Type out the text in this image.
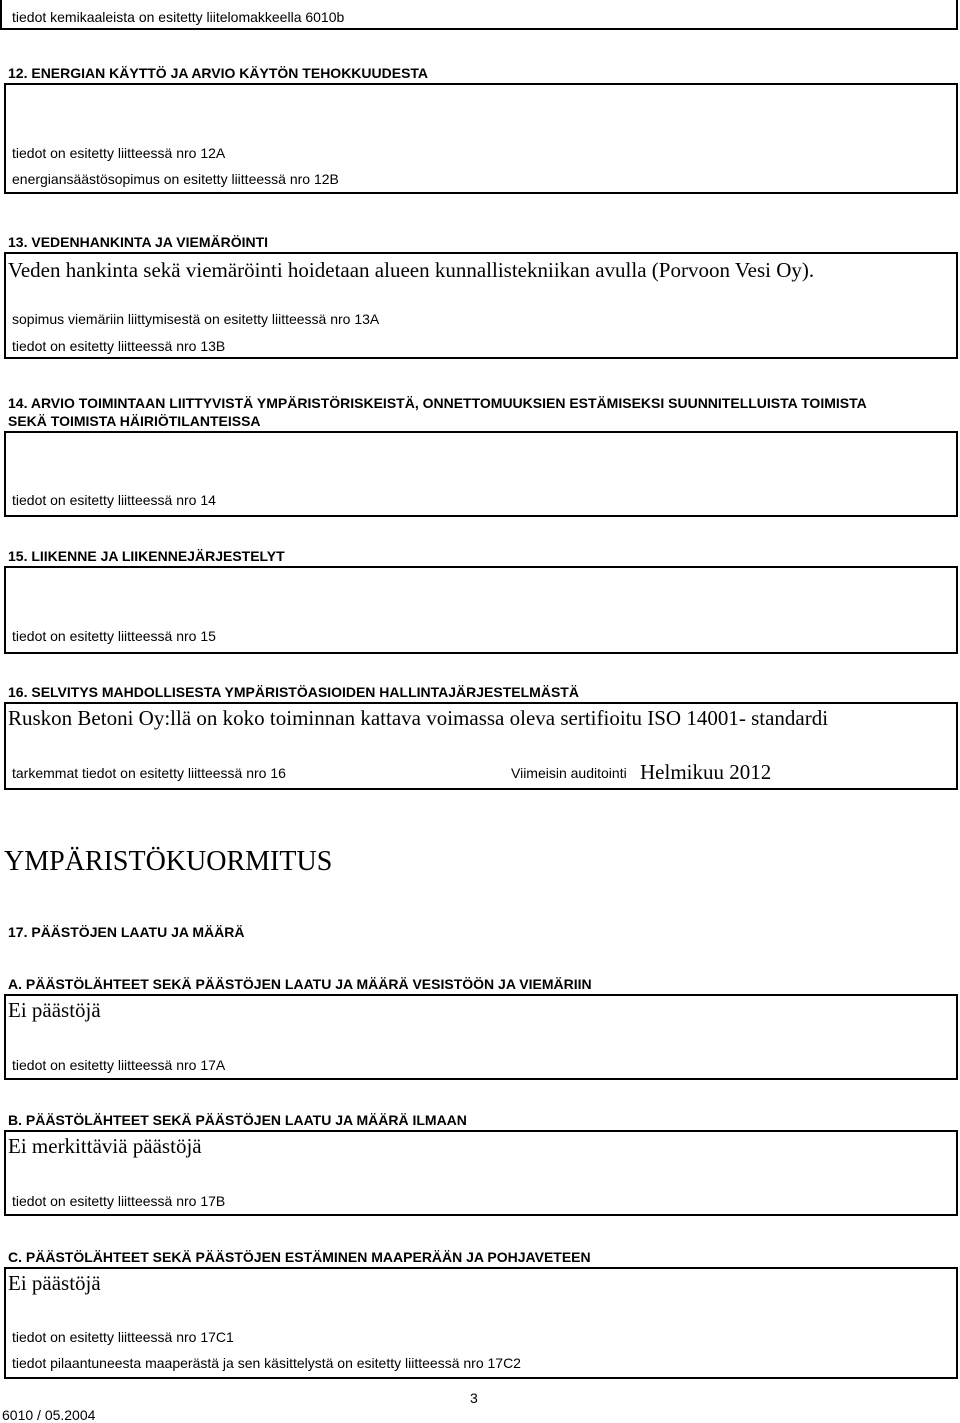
tiedot kemikaaleista on esitetty liitelomakkeella 6010b
12. ENERGIAN KÄYTTÖ JA ARVIO KÄYTÖN TEHOKKUUDESTA
tiedot on esitetty liitteessä nro 12A
energiansäästösopimus on esitetty liitteessä nro 12B
13. VEDENHANKINTA JA VIEMÄRÖINTI
Veden hankinta sekä viemäröinti hoidetaan alueen kunnallistekniikan avulla (Porvoon Vesi Oy).
sopimus viemäriin liittymisestä on esitetty liitteessä nro 13A
tiedot on esitetty liitteessä nro 13B
14. ARVIO TOIMINTAAN LIITTYVISTÄ YMPÄRISTÖRISKEISTÄ, ONNETTOMUUKSIEN ESTÄMISEKSI SUUNNITELLUISTA TOIMISTA
SEKÄ TOIMISTA HÄIRIÖTILANTEISSA
tiedot on esitetty liitteessä nro 14
15. LIIKENNE JA LIIKENNEJÄRJESTELYT
tiedot on esitetty liitteessä nro 15
16. SELVITYS MAHDOLLISESTA YMPÄRISTÖASIOIDEN HALLINTAJÄRJESTELMÄSTÄ
Ruskon Betoni Oy:llä on koko toiminnan kattava voimassa oleva sertifioitu ISO 14001- standardi
tarkemmat tiedot on esitetty liitteessä nro 16	Viimeisin auditointi Helmikuu 2012
YMPÄRISTÖKUORMITUS
17. PÄÄSTÖJEN LAATU JA MÄÄRÄ
A. PÄÄSTÖLÄHTEET SEKÄ PÄÄSTÖJEN LAATU JA MÄÄRÄ VESISTÖÖN JA VIEMÄRIIN
Ei päästöjä
tiedot on esitetty liitteessä nro 17A
B. PÄÄSTÖLÄHTEET SEKÄ PÄÄSTÖJEN LAATU JA MÄÄRÄ ILMAAN
Ei merkittäviä päästöjä
tiedot on esitetty liitteessä nro 17B
C. PÄÄSTÖLÄHTEET SEKÄ PÄÄSTÖJEN ESTÄMINEN MAAPERÄÄN JA POHJAVETEEN
Ei päästöjä
tiedot on esitetty liitteessä nro 17C1
tiedot pilaantuneesta maaperästä ja sen käsittelystä on esitetty liitteessä nro 17C2
3
6010 / 05.2004
